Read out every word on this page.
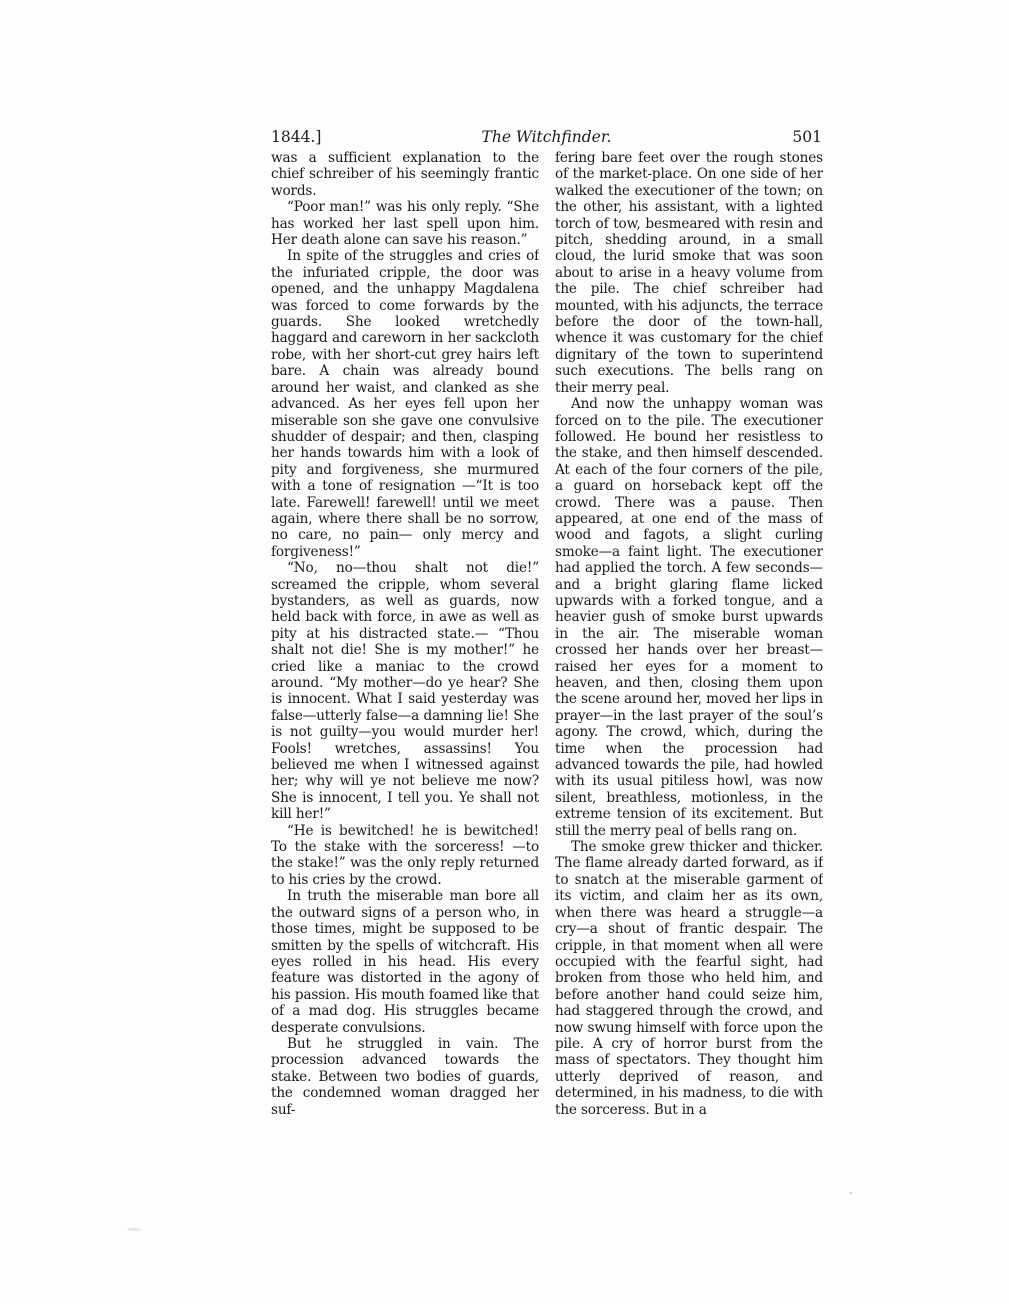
1844.]	The Witchfinder.	501

was a sufficient explanation to the chief schreiber of his seemingly frantic words.

“Poor man!” was his only reply. “She has worked her last spell upon him. Her death alone can save his reason.”

In spite of the struggles and cries of the infuriated cripple, the door was opened, and the unhappy Magdalena was forced to come forwards by the guards. She looked wretchedly haggard and careworn in her sackcloth robe, with her short-cut grey hairs left bare. A chain was already bound around her waist, and clanked as she advanced. As her eyes fell upon her miserable son she gave one convulsive shudder of despair; and then, clasping her hands towards him with a look of pity and forgiveness, she murmured with a tone of resignation —“It is too late. Farewell! farewell! until we meet again, where there shall be no sorrow, no care, no pain— only mercy and forgiveness!”

“No, no—thou shalt not die!” screamed the cripple, whom several bystanders, as well as guards, now held back with force, in awe as well as pity at his distracted state.— “Thou shalt not die! She is my mother!” he cried like a maniac to the crowd around. “My mother—do ye hear? She is innocent. What I said yesterday was false—utterly false—a damning lie! She is not guilty—you would murder her! Fools! wretches, assassins! You believed me when I witnessed against her; why will ye not believe me now? She is innocent, I tell you. Ye shall not kill her!”

“He is bewitched! he is bewitched! To the stake with the sorceress! —to the stake!” was the only reply returned to his cries by the crowd.

In truth the miserable man bore all the outward signs of a person who, in those times, might be supposed to be smitten by the spells of witchcraft. His eyes rolled in his head. His every feature was distorted in the agony of his passion. His mouth foamed like that of a mad dog. His struggles became desperate convulsions.

But he struggled in vain. The procession advanced towards the stake. Between two bodies of guards, the condemned woman dragged her suf-

fering bare feet over the rough stones of the market-place. On one side of her walked the executioner of the town; on the other, his assistant, with a lighted torch of tow, besmeared with resin and pitch, shedding around, in a small cloud, the lurid smoke that was soon about to arise in a heavy volume from the pile. The chief schreiber had mounted, with his adjuncts, the terrace before the door of the town-hall, whence it was customary for the chief dignitary of the town to superintend such executions. The bells rang on their merry peal.

And now the unhappy woman was forced on to the pile. The executioner followed. He bound her resistless to the stake, and then himself descended. At each of the four corners of the pile, a guard on horseback kept off the crowd. There was a pause. Then appeared, at one end of the mass of wood and fagots, a slight curling smoke—a faint light. The executioner had applied the torch. A few seconds—and a bright glaring flame licked upwards with a forked tongue, and a heavier gush of smoke burst upwards in the air. The miserable woman crossed her hands over her breast—raised her eyes for a moment to heaven, and then, closing them upon the scene around her, moved her lips in prayer—in the last prayer of the soul’s agony. The crowd, which, during the time when the procession had advanced towards the pile, had howled with its usual pitiless howl, was now silent, breathless, motionless, in the extreme tension of its excitement. But still the merry peal of bells rang on.

The smoke grew thicker and thicker. The flame already darted forward, as if to snatch at the miserable garment of its victim, and claim her as its own, when there was heard a struggle—a cry—a shout of frantic despair. The cripple, in that moment when all were occupied with the fearful sight, had broken from those who held him, and before another hand could seize him, had staggered through the crowd, and now swung himself with force upon the pile. A cry of horror burst from the mass of spectators. They thought him utterly deprived of reason, and determined, in his madness, to die with the sorceress. But in a
